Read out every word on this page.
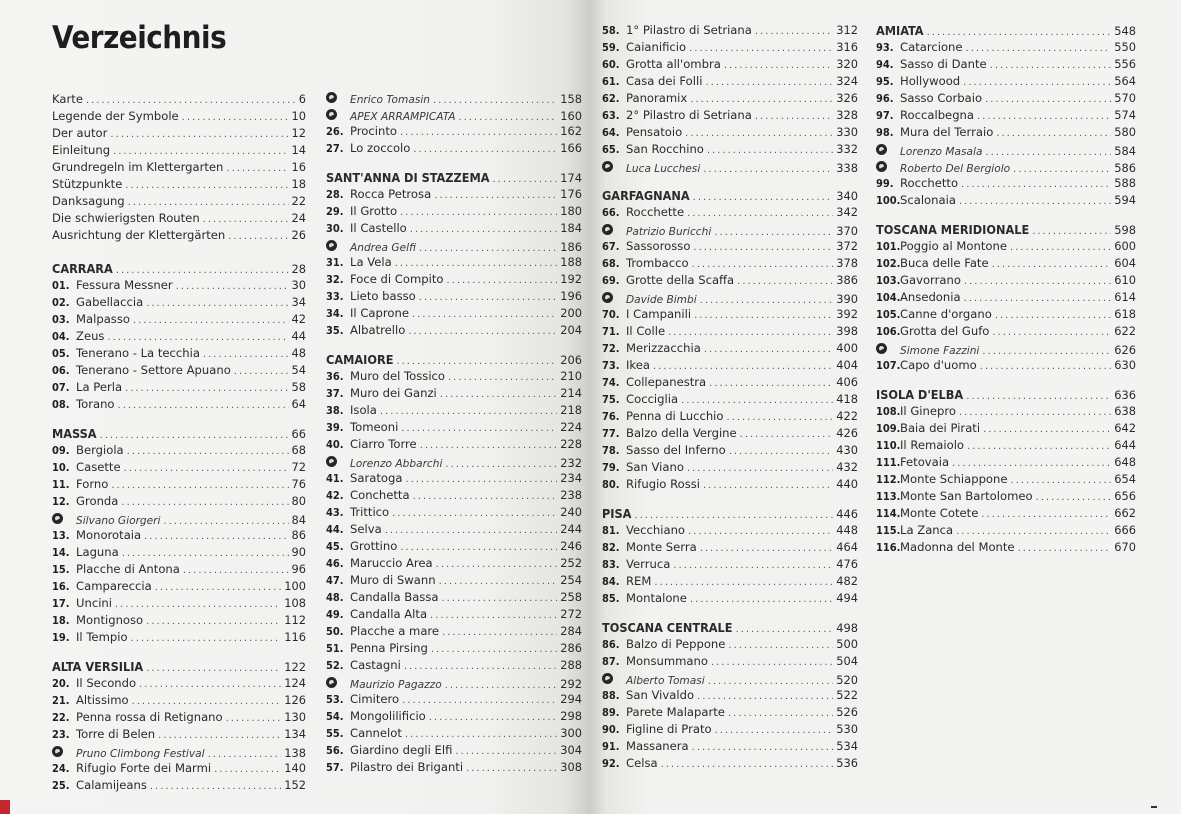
Verzeichnis
Karte . . .	6
Legende der Symbole . . .	10
Der autor . . .	12
Einleitung . . .	14
Grundregeln im Klettergarten . . .	16
Stützpunkte . . .	18
Danksagung . . .	22
Die schwierigsten Routen . . .	24
Ausrichtung der Klettergärten . . .	26
CARRARA . . .	28
01. Fessura Messner . . .	30
02. Gabellaccia . . .	34
03. Malpasso . . .	42
04. Zeus . . .	44
05. Tenerano - La tecchia . . .	48
06. Tenerano - Settore Apuano . . .	54
07. La Perla . . .	58
08. Torano . . .	64
MASSA . . .	66
09. Bergiola . . .	68
10. Casette . . .	72
11. Forno . . .	76
12. Gronda . . .	80
Silvano Giorgeri . . .	84
13. Monorotaia . . .	86
14. Laguna . . .	90
15. Placche di Antona . . .	96
16. Campareccia . . .	100
17. Uncini . . .	108
18. Montignoso . . .	112
19. Il Tempio . . .	116
ALTA VERSILIA . . .	122
20. Il Secondo . . .	124
21. Altissimo . . .	126
22. Penna rossa di Retignano . . .	130
23. Torre di Belen . . .	134
Pruno Climbong Festival . . .	138
24. Rifugio Forte dei Marmi . . .	140
25. Calamijeans . . .	152
Enrico Tomasin . . .	158
APEX ARRAMPICATA . . .	160
26. Procinto . . .	162
27. Lo zoccolo . . .	166
SANT'ANNA DI STAZZEMA . . .	174
28. Rocca Petrosa . . .	176
29. Il Grotto . . .	180
30. Il Castello . . .	184
Andrea Gelfi . . .	186
31. La Vela . . .	188
32. Foce di Compito . . .	192
33. Lieto basso . . .	196
34. Il Caprone . . .	200
35. Albatrello . . .	204
CAMAIORE . . .	206
36. Muro del Tossico . . .	210
37. Muro dei Ganzi . . .	214
38. Isola . . .	218
39. Tomeoni . . .	224
40. Ciarro Torre . . .	228
Lorenzo Abbarchi . . .	232
41. Saratoga . . .	234
42. Conchetta . . .	238
43. Trittico . . .	240
44. Selva . . .	244
45. Grottino . . .	246
46. Maruccio Area . . .	252
47. Muro di Swann . . .	254
48. Candalla Bassa . . .	258
49. Candalla Alta . . .	272
50. Placche a mare . . .	284
51. Penna Pirsing . . .	286
52. Castagni . . .	288
Maurizio Pagazzo . . .	292
53. Cimitero . . .	294
54. Mongolilificio . . .	298
55. Cannelot . . .	300
56. Giardino degli Elfi . . .	304
57. Pilastro dei Briganti . . .	308
58. 1° Pilastro di Setriana . . .	312
59. Caianificio . . .	316
60. Grotta all'ombra . . .	320
61. Casa dei Folli . . .	324
62. Panoramix . . .	326
63. 2° Pilastro di Setriana . . .	328
64. Pensatoio . . .	330
65. San Rocchino . . .	332
Luca Lucchesi . . .	338
GARFAGNANA . . .	340
66. Rocchette . . .	342
Patrizio Buricchi . . .	370
67. Sassorosso . . .	372
68. Trombacco . . .	378
69. Grotte della Scaffa . . .	386
Davide Bimbi . . .	390
70. I Campanili . . .	392
71. Il Colle . . .	398
72. Merizzacchia . . .	400
73. Ikea . . .	404
74. Collepanestra . . .	406
75. Cocciglia . . .	418
76. Penna di Lucchio . . .	422
77. Balzo della Vergine . . .	426
78. Sasso del Inferno . . .	430
79. San Viano . . .	432
80. Rifugio Rossi . . .	440
PISA . . .	446
81. Vecchiano . . .	448
82. Monte Serra . . .	464
83. Verruca . . .	476
84. REM . . .	482
85. Montalone . . .	494
TOSCANA CENTRALE . . .	498
86. Balzo di Peppone . . .	500
87. Monsummano . . .	504
Alberto Tomasi . . .	520
88. San Vivaldo . . .	522
89. Parete Malaparte . . .	526
90. Figline di Prato . . .	530
91. Massanera . . .	534
92. Celsa . . .	536
AMIATA . . .	548
93. Catarcione . . .	550
94. Sasso di Dante . . .	556
95. Hollywood . . .	564
96. Sasso Corbaio . . .	570
97. Roccalbegna . . .	574
98. Mura del Terraio . . .	580
Lorenzo Masala . . .	584
Roberto Del Bergiolo . . .	586
99. Rocchetto . . .	588
100. Scalonaia . . .	594
TOSCANA MERIDIONALE . . .	598
101. Poggio al Montone . . .	600
102. Buca delle Fate . . .	604
103. Gavorrano . . .	610
104. Ansedonia . . .	614
105. Canne d'organo . . .	618
106. Grotta del Gufo . . .	622
Simone Fazzini . . .	626
107. Capo d'uomo . . .	630
ISOLA D'ELBA . . .	636
108. Il Ginepro . . .	638
109. Baia dei Pirati . . .	642
110. Il Remaiolo . . .	644
111. Fetovaia . . .	648
112. Monte Schiappone . . .	654
113. Monte San Bartolomeo . . .	656
114. Monte Cotete . . .	662
115. La Zanca . . .	666
116. Madonna del Monte . . .	670
